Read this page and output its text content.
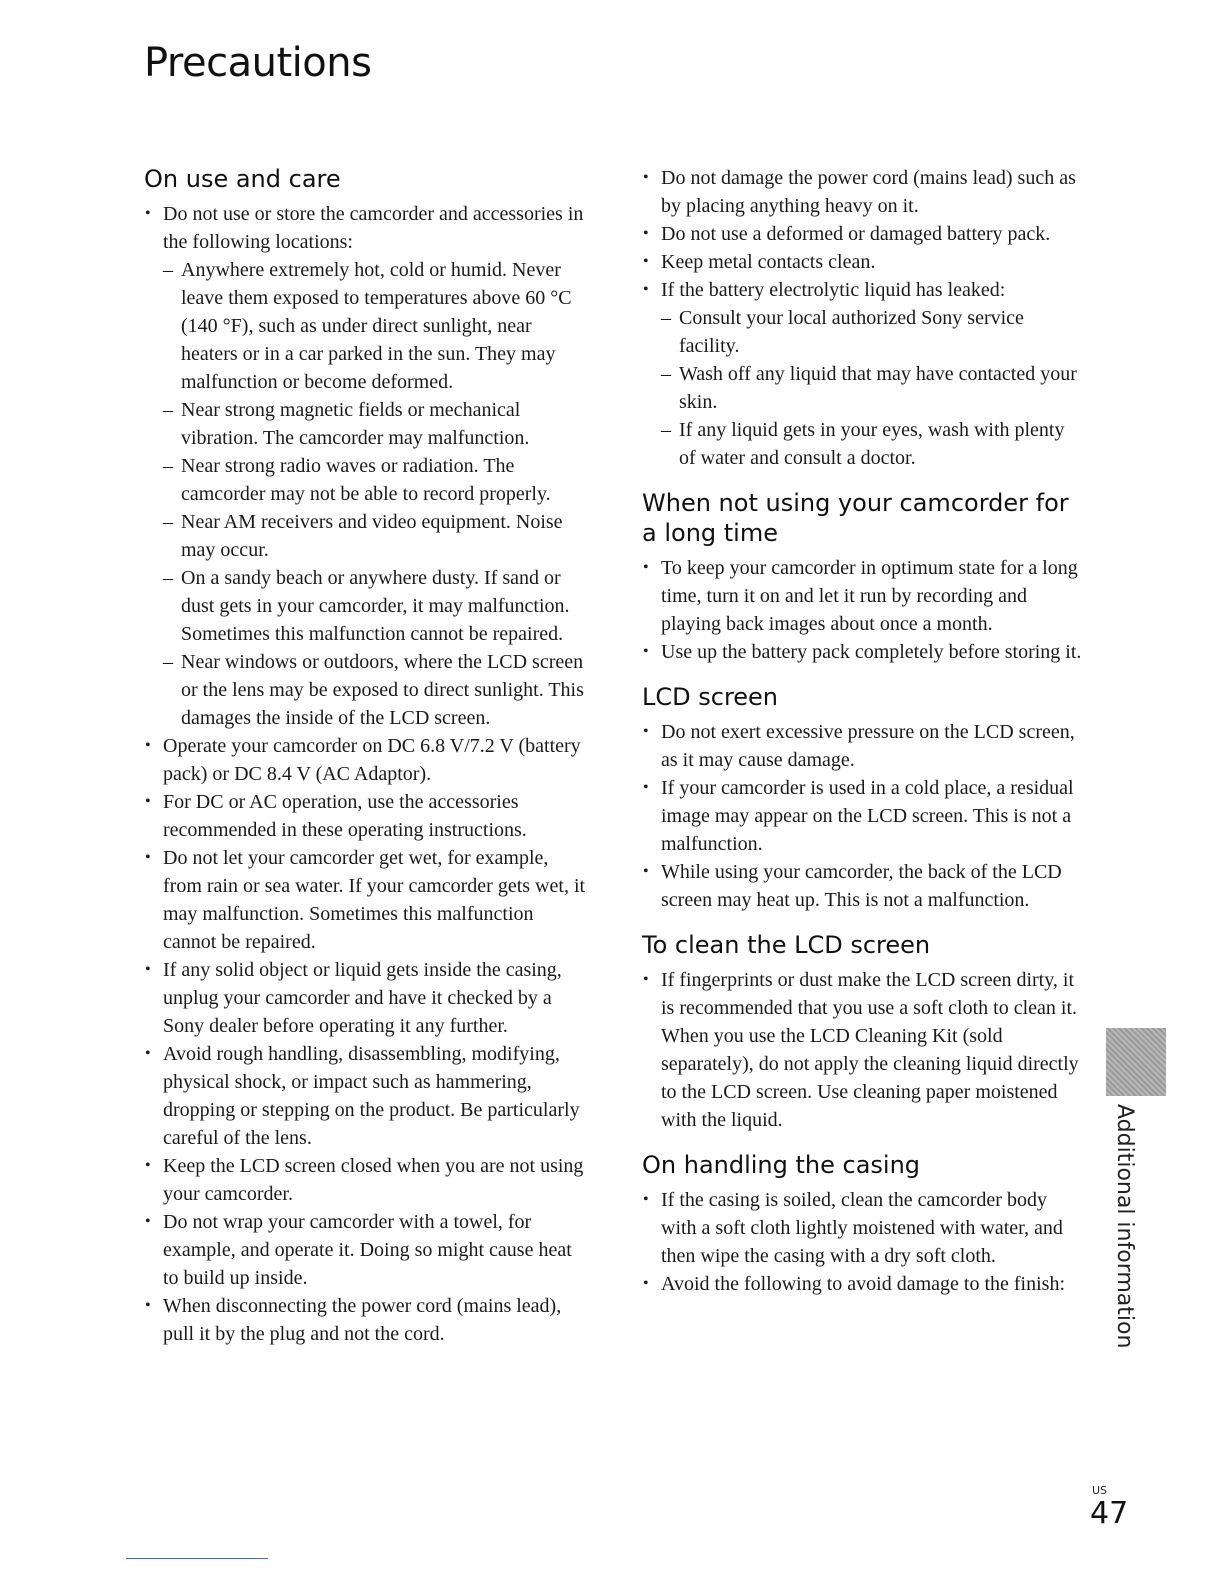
Precautions
On use and care
• Do not use or store the camcorder and accessories in the following locations:
– Anywhere extremely hot, cold or humid. Never leave them exposed to temperatures above 60 °C (140 °F), such as under direct sunlight, near heaters or in a car parked in the sun. They may malfunction or become deformed.
– Near strong magnetic fields or mechanical vibration. The camcorder may malfunction.
– Near strong radio waves or radiation. The camcorder may not be able to record properly.
– Near AM receivers and video equipment. Noise may occur.
– On a sandy beach or anywhere dusty. If sand or dust gets in your camcorder, it may malfunction. Sometimes this malfunction cannot be repaired.
– Near windows or outdoors, where the LCD screen or the lens may be exposed to direct sunlight. This damages the inside of the LCD screen.
• Operate your camcorder on DC 6.8 V/7.2 V (battery pack) or DC 8.4 V (AC Adaptor).
• For DC or AC operation, use the accessories recommended in these operating instructions.
• Do not let your camcorder get wet, for example, from rain or sea water. If your camcorder gets wet, it may malfunction. Sometimes this malfunction cannot be repaired.
• If any solid object or liquid gets inside the casing, unplug your camcorder and have it checked by a Sony dealer before operating it any further.
• Avoid rough handling, disassembling, modifying, physical shock, or impact such as hammering, dropping or stepping on the product. Be particularly careful of the lens.
• Keep the LCD screen closed when you are not using your camcorder.
• Do not wrap your camcorder with a towel, for example, and operate it. Doing so might cause heat to build up inside.
• When disconnecting the power cord (mains lead), pull it by the plug and not the cord.
• Do not damage the power cord (mains lead) such as by placing anything heavy on it.
• Do not use a deformed or damaged battery pack.
• Keep metal contacts clean.
• If the battery electrolytic liquid has leaked:
– Consult your local authorized Sony service facility.
– Wash off any liquid that may have contacted your skin.
– If any liquid gets in your eyes, wash with plenty of water and consult a doctor.
When not using your camcorder for a long time
• To keep your camcorder in optimum state for a long time, turn it on and let it run by recording and playing back images about once a month.
• Use up the battery pack completely before storing it.
LCD screen
• Do not exert excessive pressure on the LCD screen, as it may cause damage.
• If your camcorder is used in a cold place, a residual image may appear on the LCD screen. This is not a malfunction.
• While using your camcorder, the back of the LCD screen may heat up. This is not a malfunction.
To clean the LCD screen
• If fingerprints or dust make the LCD screen dirty, it is recommended that you use a soft cloth to clean it. When you use the LCD Cleaning Kit (sold separately), do not apply the cleaning liquid directly to the LCD screen. Use cleaning paper moistened with the liquid.
On handling the casing
• If the casing is soiled, clean the camcorder body with a soft cloth lightly moistened with water, and then wipe the casing with a dry soft cloth.
• Avoid the following to avoid damage to the finish:	Additional information
US
47
